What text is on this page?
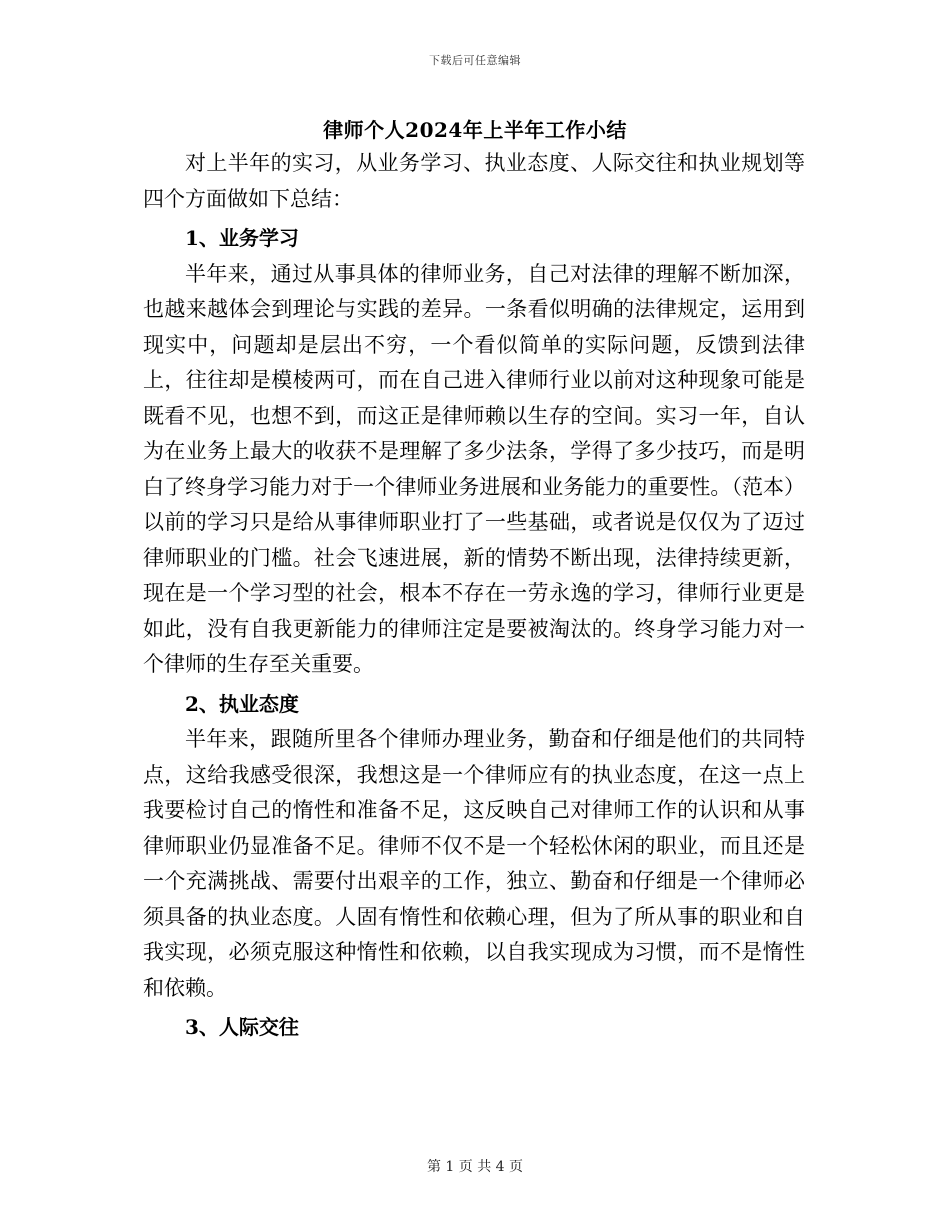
下载后可任意编辑
律师个人2024年上半年工作小结

对上半年的实习，从业务学习、执业态度、人际交往和执业规划等四个方面做如下总结：

1、业务学习

半年来，通过从事具体的律师业务，自己对法律的理解不断加深，也越来越体会到理论与实践的差异。一条看似明确的法律规定，运用到现实中，问题却是层出不穷，一个看似简单的实际问题，反馈到法律上，往往却是模棱两可，而在自己进入律师行业以前对这种现象可能是既看不见，也想不到，而这正是律师赖以生存的空间。实习一年，自认为在业务上最大的收获不是理解了多少法条，学得了多少技巧，而是明白了终身学习能力对于一个律师业务进展和业务能力的重要性。（范本）以前的学习只是给从事律师职业打了一些基础，或者说是仅仅为了迈过律师职业的门槛。社会飞速进展，新的情势不断出现，法律持续更新，现在是一个学习型的社会，根本不存在一劳永逸的学习，律师行业更是如此，没有自我更新能力的律师注定是要被淘汰的。终身学习能力对一个律师的生存至关重要。

2、执业态度

半年来，跟随所里各个律师办理业务，勤奋和仔细是他们的共同特点，这给我感受很深，我想这是一个律师应有的执业态度，在这一点上我要检讨自己的惰性和准备不足，这反映自己对律师工作的认识和从事律师职业仍显准备不足。律师不仅不是一个轻松休闲的职业，而且还是一个充满挑战、需要付出艰辛的工作，独立、勤奋和仔细是一个律师必须具备的执业态度。人固有惰性和依赖心理，但为了所从事的职业和自我实现，必须克服这种惰性和依赖，以自我实现成为习惯，而不是惰性和依赖。

3、人际交往

第 1 页 共 4 页
